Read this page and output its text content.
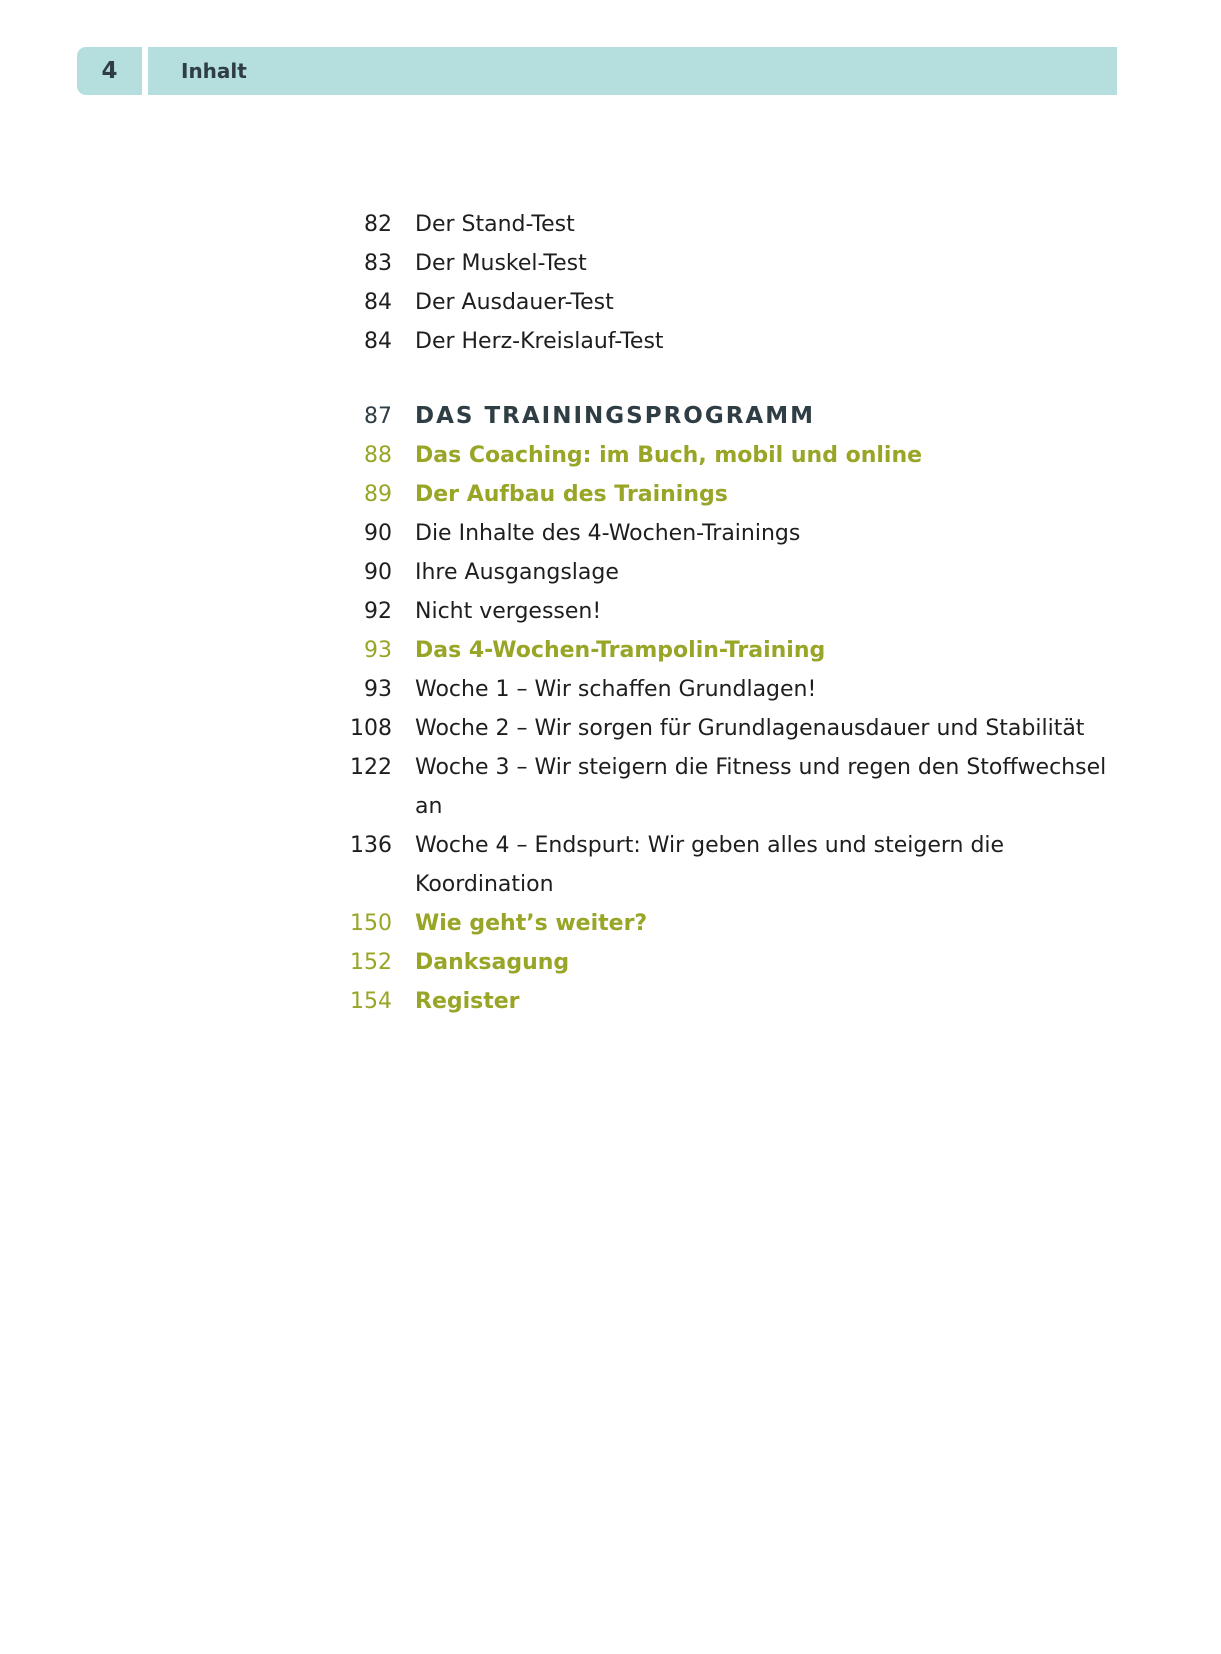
4	Inhalt
82	Der Stand-Test
83	Der Muskel-Test
84	Der Ausdauer-Test
84	Der Herz-Kreislauf-Test
87	DAS TRAININGSPROGRAMM
88	Das Coaching: im Buch, mobil und online
89	Der Aufbau des Trainings
90	Die Inhalte des 4-Wochen-Trainings
90	Ihre Ausgangslage
92	Nicht vergessen!
93	Das 4-Wochen-Trampolin-Training
93	Woche 1 – Wir schaffen Grundlagen!
108	Woche 2 – Wir sorgen für Grundlagenausdauer und Stabilität
122	Woche 3 – Wir steigern die Fitness und regen den Stoffwechsel an
136	Woche 4 – Endspurt: Wir geben alles und steigern die Koordination
150	Wie geht’s weiter?
152	Danksagung
154	Register
